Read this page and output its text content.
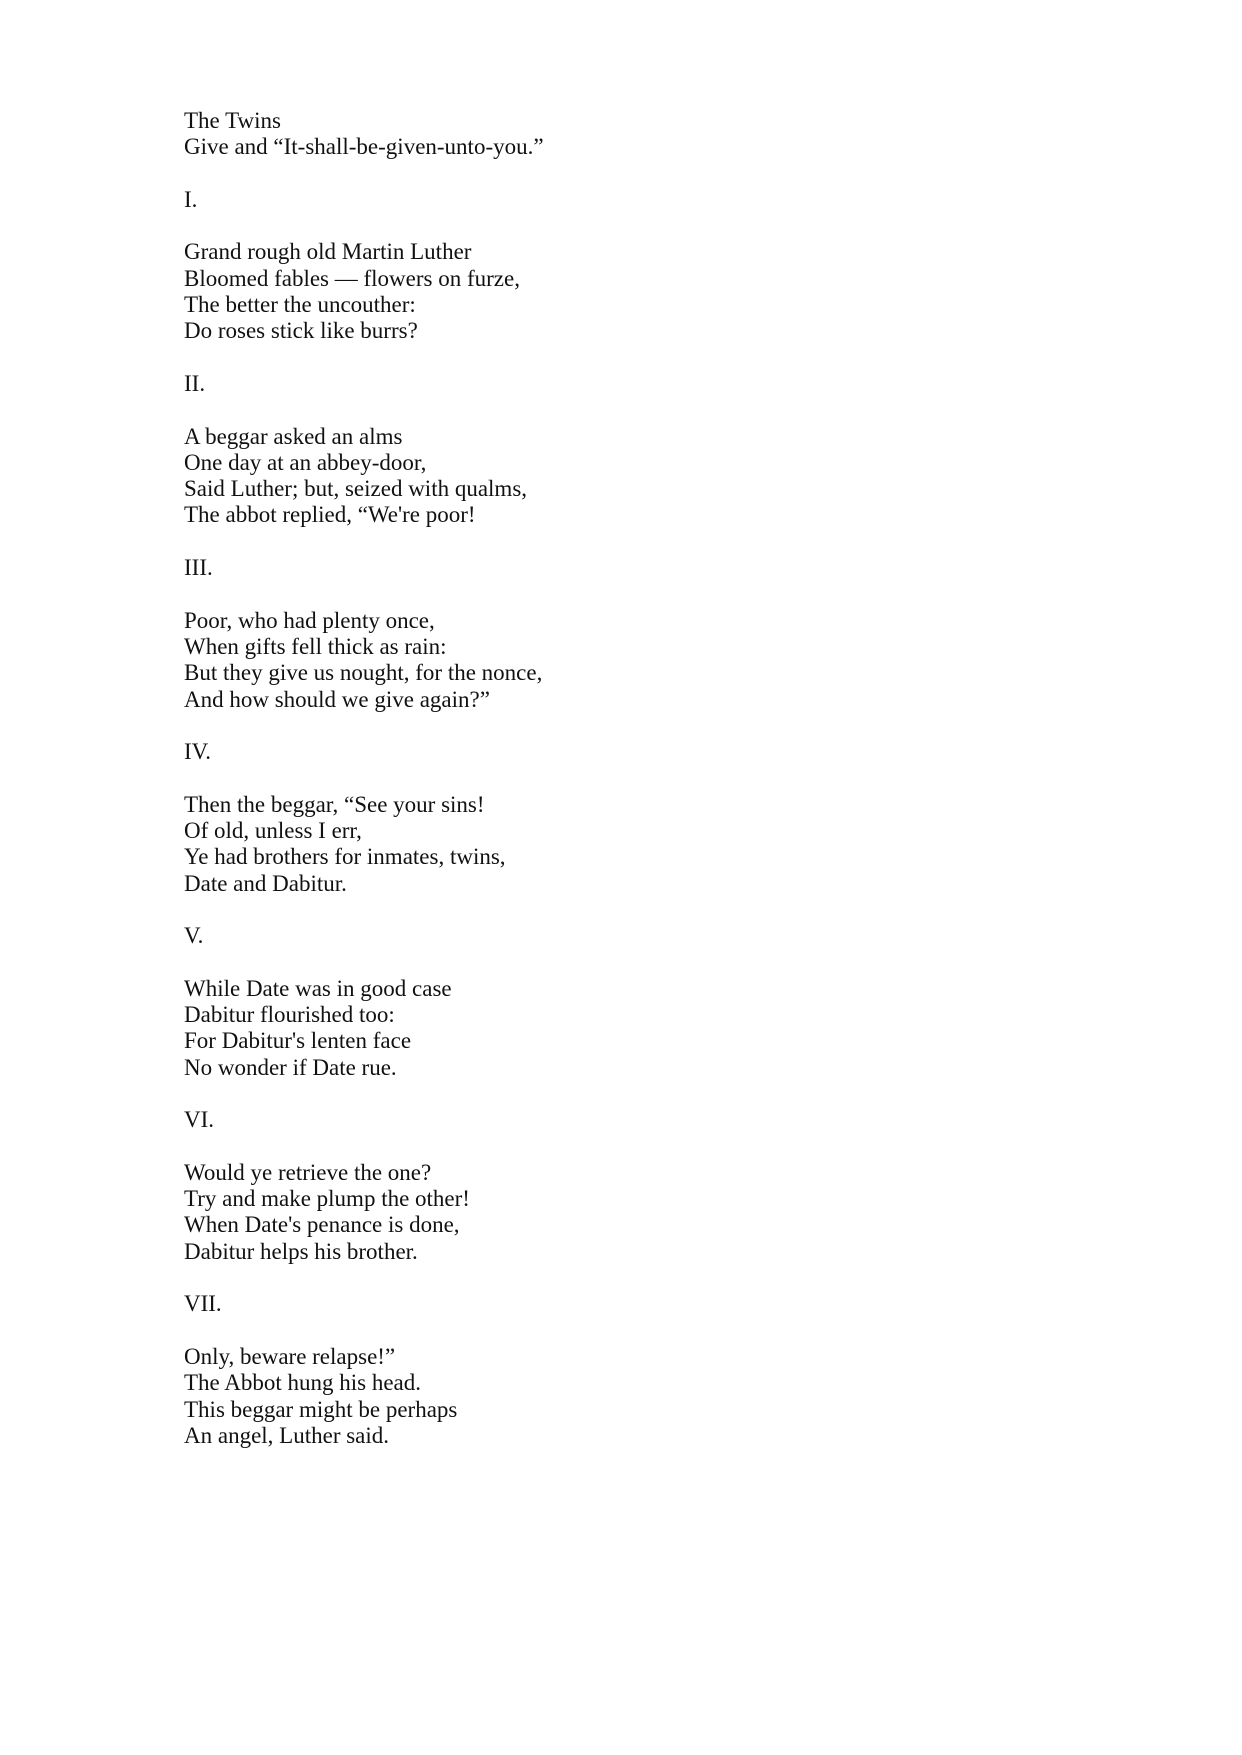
The Twins
Give and “It-shall-be-given-unto-you.”
I.
Grand rough old Martin Luther
Bloomed fables — flowers on furze,
The better the uncouther:
Do roses stick like burrs?
II.
A beggar asked an alms
One day at an abbey-door,
Said Luther; but, seized with qualms,
The abbot replied, “We're poor!
III.
Poor, who had plenty once,
When gifts fell thick as rain:
But they give us nought, for the nonce,
And how should we give again?”
IV.
Then the beggar, “See your sins!
Of old, unless I err,
Ye had brothers for inmates, twins,
Date and Dabitur.
V.
While Date was in good case
Dabitur flourished too:
For Dabitur's lenten face
No wonder if Date rue.
VI.
Would ye retrieve the one?
Try and make plump the other!
When Date's penance is done,
Dabitur helps his brother.
VII.
Only, beware relapse!”
The Abbot hung his head.
This beggar might be perhaps
An angel, Luther said.
